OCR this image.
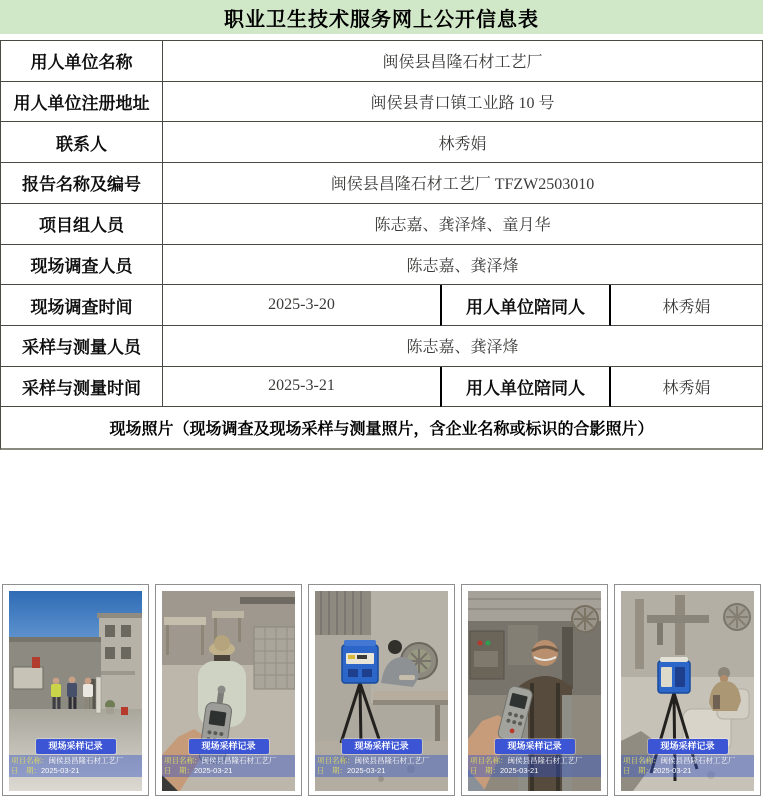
职业卫生技术服务网上公开信息表
用人单位名称	闽侯县昌隆石材工艺厂
用人单位注册地址	闽侯县青口镇工业路 10 号
联系人	林秀娟
报告名称及编号	闽侯县昌隆石材工艺厂 TFZW2503010
项目组人员	陈志嘉、龚泽烽、童月华
现场调查人员	陈志嘉、龚泽烽
现场调查时间	2025-3-20	用人单位陪同人	林秀娟
采样与测量人员	陈志嘉、龚泽烽
采样与测量时间	2025-3-21	用人单位陪同人	林秀娟
现场照片（现场调查及现场采样与测量照片，含企业名称或标识的合影照片）
现场采样记录
项目名称：闽侯县昌隆石材工艺厂
日　期：2025-03-21
现场采样记录
项目名称：闽侯县昌隆石材工艺厂
日　期：2025-03-21
现场采样记录
项目名称：闽侯县昌隆石材工艺厂
日　期：2025-03-21
现场采样记录
项目名称：闽侯县昌隆石材工艺厂
日　期：2025-03-21
现场采样记录
项目名称：闽侯县昌隆石材工艺厂
日　期：2025-03-21
